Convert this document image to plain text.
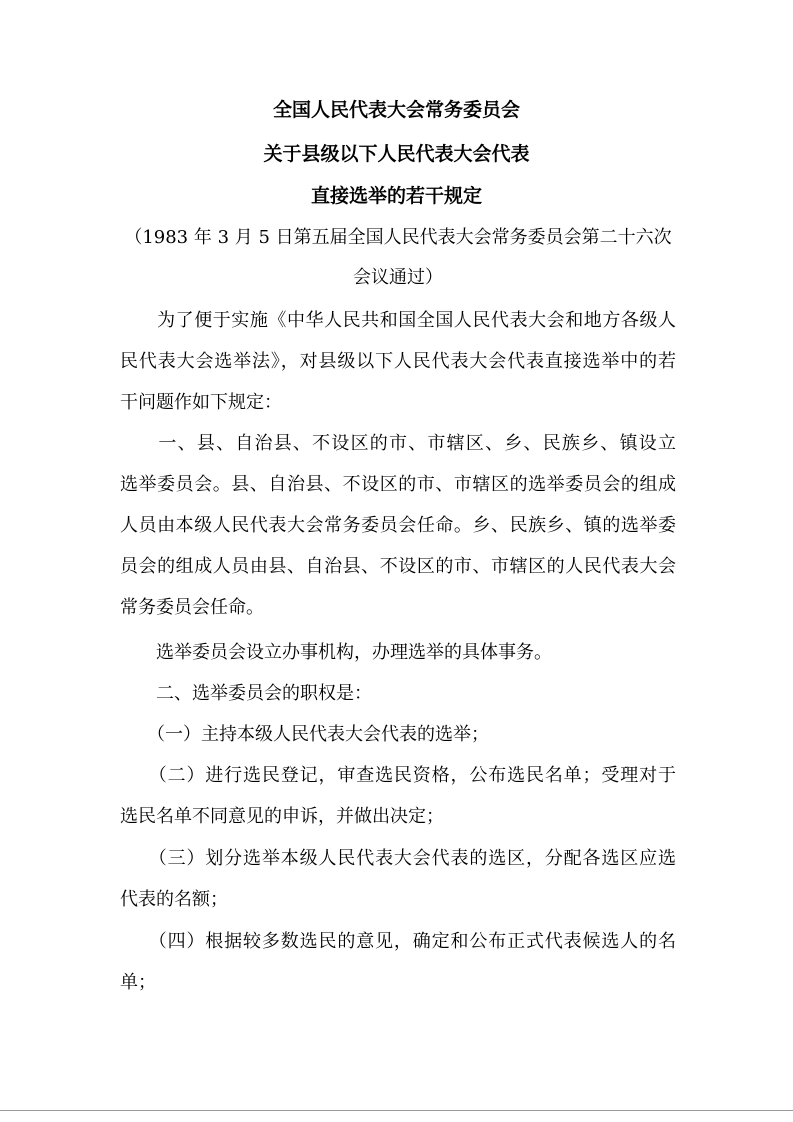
全国人民代表大会常务委员会
关于县级以下人民代表大会代表
直接选举的若干规定
（1983 年 3 月 5 日第五届全国人民代表大会常务委员会第二十六次
会议通过）
　　为了便于实施《中华人民共和国全国人民代表大会和地方各级人
民代表大会选举法》，对县级以下人民代表大会代表直接选举中的若
干问题作如下规定：
　　一、县、自治县、不设区的市、市辖区、乡、民族乡、镇设立
选举委员会。县、自治县、不设区的市、市辖区的选举委员会的组成
人员由本级人民代表大会常务委员会任命。乡、民族乡、镇的选举委
员会的组成人员由县、自治县、不设区的市、市辖区的人民代表大会
常务委员会任命。
　　选举委员会设立办事机构，办理选举的具体事务。
　　二、选举委员会的职权是：
　　（一）主持本级人民代表大会代表的选举；
　　（二）进行选民登记，审查选民资格，公布选民名单；受理对于
选民名单不同意见的申诉，并做出决定；
　　（三）划分选举本级人民代表大会代表的选区，分配各选区应选
代表的名额；
　　（四）根据较多数选民的意见，确定和公布正式代表候选人的名
单；
